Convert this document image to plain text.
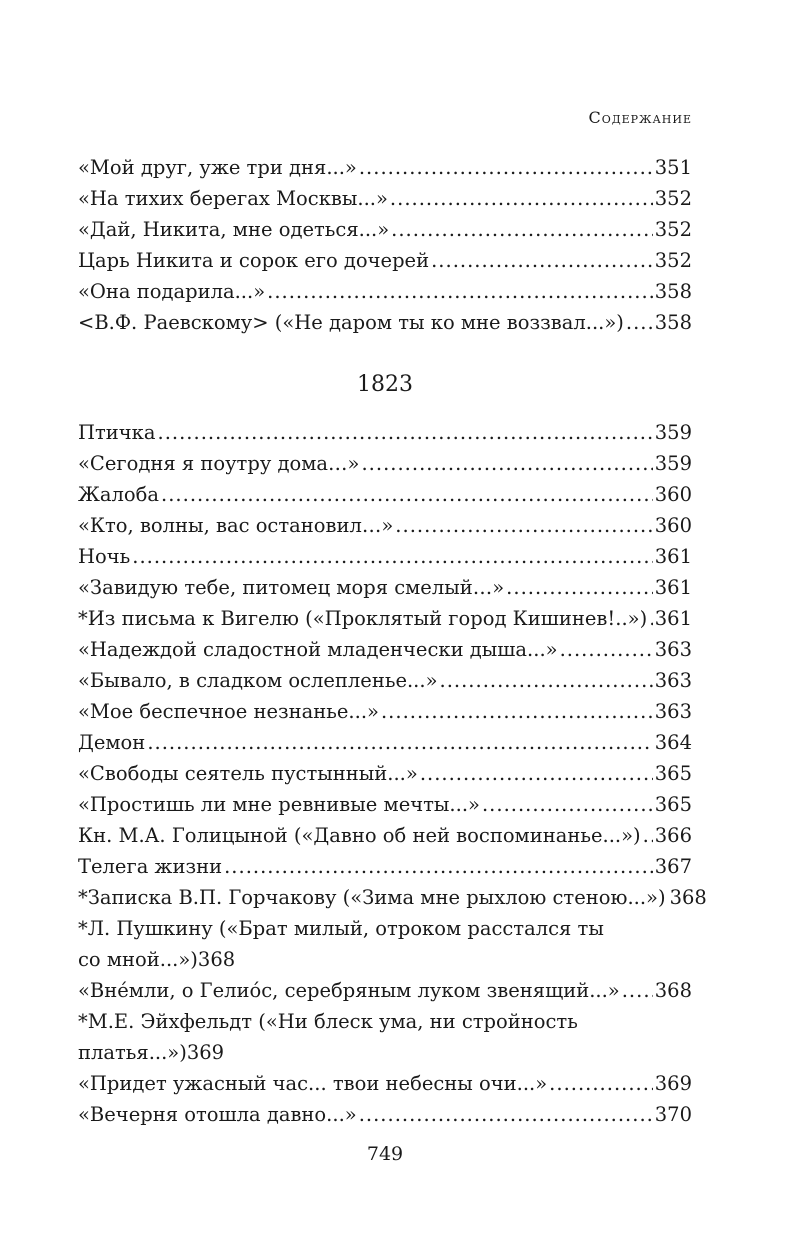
Содержание
«Мой друг, уже три дня...» .....	351
«На тихих берегах Москвы...» .....	352
«Дай, Никита, мне одеться...» .....	352
Царь Никита и сорок его дочерей .....	352
«Она подарила...» .....	358
<В.Ф. Раевскому> («Не даром ты ко мне воззвал...») ..... 358
1823
Птичка .....	359
«Сегодня я поутру дома…» .....	359
Жалоба .....	360
«Кто, волны, вас остановил…» .....	360
Ночь .....	361
«Завидую тебе, питомец моря смелый…» .....	361
*Из письма к Вигелю («Проклятый город Кишинев!..») ..... 361
«Надеждой сладостной младенчески дыша...» .....	363
«Бывало, в сладком ослепленье...» .....	363
«Мое беспечное незнанье...» .....	363
Демон .....	364
«Свободы сеятель пустынный...» .....	365
«Простишь ли мне ревнивые мечты...» .....	365
Кн. М.А. Голицыной («Давно об ней воспоминанье...») ..... 366
Телега жизни .....	367
*Записка В.П. Горчакову («Зима мне рыхлою стеною...») 368
*Л. Пушкину («Брат милый, отроком расстался ты
со мной...») 368
«Вне́мли, о Гелио́с, серебряным луком звенящий...» ..... 368
*М.Е. Эйхфельдт («Ни блеск ума, ни стройность
платья...») 369
«Придет ужасный час... твои небесны очи...» .....	369
«Вечерня отошла давно...» .....	370
749
